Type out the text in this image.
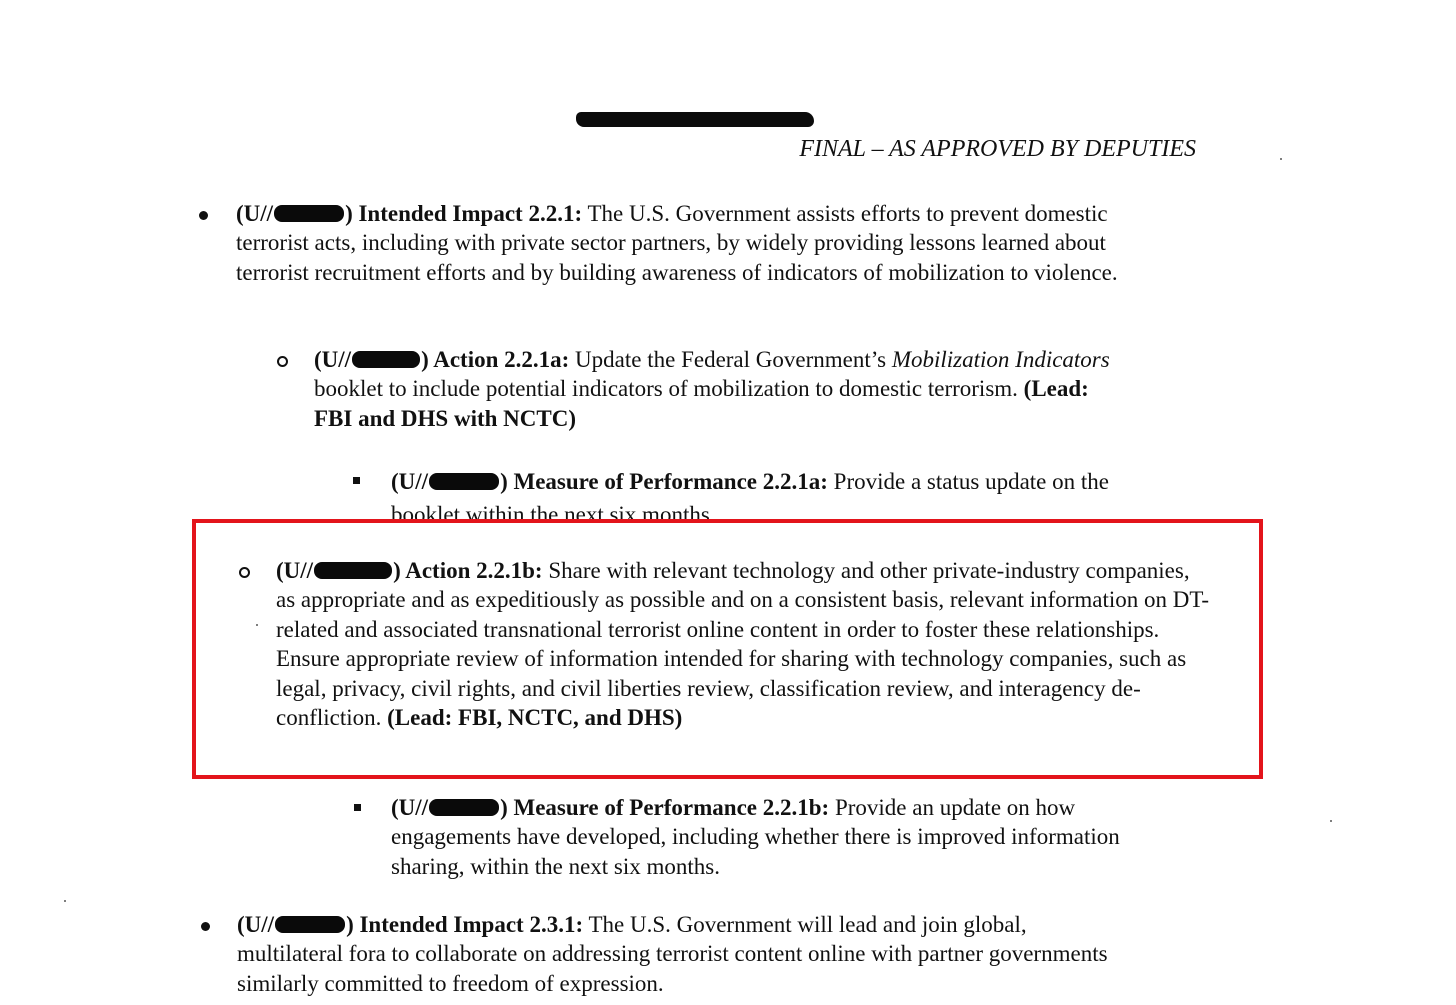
FINAL – AS APPROVED BY DEPUTIES
(U//	) Intended Impact 2.2.1: The U.S. Government assists efforts to prevent domestic terrorist acts, including with private sector partners, by widely providing lessons learned about terrorist recruitment efforts and by building awareness of indicators of mobilization to violence.
(U//	) Action 2.2.1a: Update the Federal Government’s Mobilization Indicators booklet to include potential indicators of mobilization to domestic terrorism. (Lead: FBI and DHS with NCTC)
(U//	) Measure of Performance 2.2.1a: Provide a status update on the
booklet within the next six months.
(U//	) Action 2.2.1b: Share with relevant technology and other private-industry companies, as appropriate and as expeditiously as possible and on a consistent basis, relevant information on DT-related and associated transnational terrorist online content in order to foster these relationships. Ensure appropriate review of information intended for sharing with technology companies, such as legal, privacy, civil rights, and civil liberties review, classification review, and interagency de-confliction. (Lead: FBI, NCTC, and DHS)
(U//	) Measure of Performance 2.2.1b: Provide an update on how engagements have developed, including whether there is improved information sharing, within the next six months.
(U//	) Intended Impact 2.3.1: The U.S. Government will lead and join global, multilateral fora to collaborate on addressing terrorist content online with partner governments similarly committed to freedom of expression.
